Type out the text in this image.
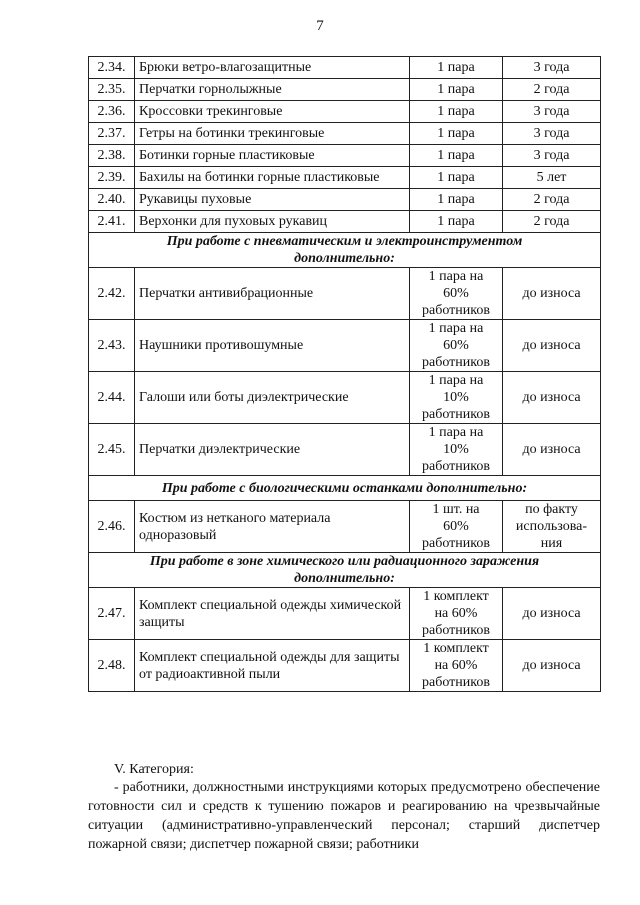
7
2.34.	Брюки ветро-влагозащитные	1 пара	3 года
2.35.	Перчатки горнолыжные	1 пара	2 года
2.36.	Кроссовки трекинговые	1 пара	3 года
2.37.	Гетры на ботинки трекинговые	1 пара	3 года
2.38.	Ботинки горные пластиковые	1 пара	3 года
2.39.	Бахилы на ботинки горные пластиковые	1 пара	5 лет
2.40.	Рукавицы пуховые	1 пара	2 года
2.41.	Верхонки для пуховых рукавиц	1 пара	2 года
При работе с пневматическим и электроинструментом дополнительно:			
2.42.	Перчатки антивибрационные	1 пара на
60%
работников	до износа
2.43.	Наушники противошумные	1 пара на
60%
работников	до износа
2.44.	Галоши или боты диэлектрические	1 пара на
10%
работников	до износа
2.45.	Перчатки диэлектрические	1 пара на
10%
работников	до износа
При работе с биологическими останками дополнительно:			
2.46.	Костюм из нетканого материала одноразовый	1 шт. на
60%
работников	по факту
использова-
ния
При работе в зоне химического или радиационного заражения дополнительно:			
2.47.	Комплект специальной одежды химической защиты	1 комплект
на 60%
работников	до износа
2.48.	Комплект специальной одежды для защиты от радиоактивной пыли	1 комплект
на 60%
работников	до износа
V. Категория:
- работники, должностными инструкциями которых предусмотрено обеспечение готовности сил и средств к тушению пожаров и реагированию на чрезвычайные ситуации (административно-управленческий персонал; старший диспетчер пожарной связи; диспетчер пожарной связи; работники
